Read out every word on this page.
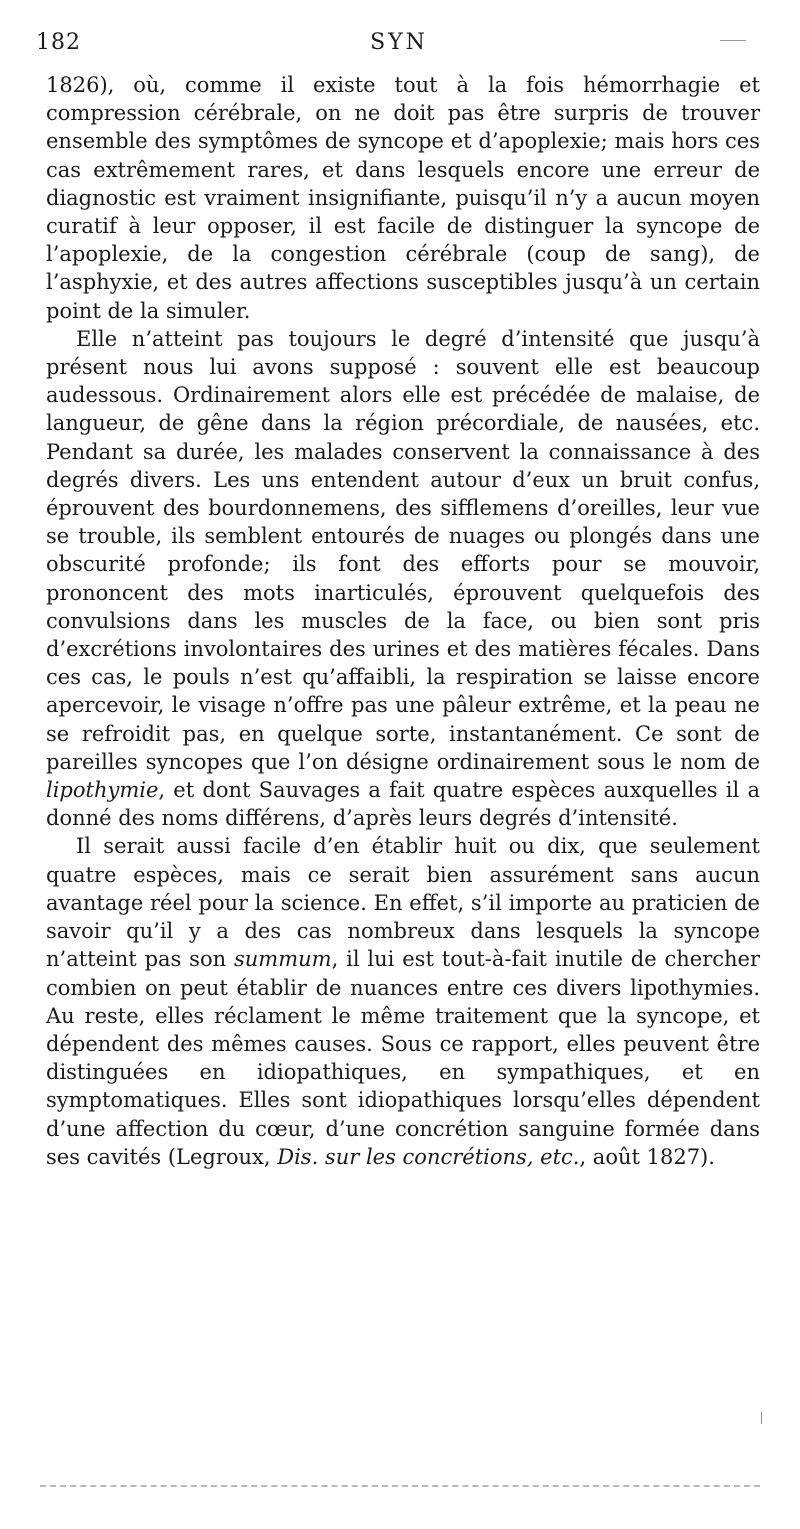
182	SYN

1826), où, comme il existe tout à la fois hémorrhagie et compression cérébrale, on ne doit pas être surpris de trouver ensemble des symptômes de syncope et d’apoplexie; mais hors ces cas extrêmement rares, et dans lesquels encore une erreur de diagnostic est vraiment insignifiante, puisqu’il n’y a aucun moyen curatif à leur opposer, il est facile de distinguer la syncope de l’apoplexie, de la congestion cérébrale (coup de sang), de l’asphyxie, et des autres affections susceptibles jusqu’à un certain point de la simuler.

Elle n’atteint pas toujours le degré d’intensité que jusqu’à présent nous lui avons supposé : souvent elle est beaucoup audessous. Ordinairement alors elle est précédée de malaise, de langueur, de gêne dans la région précordiale, de nausées, etc. Pendant sa durée, les malades conservent la connaissance à des degrés divers. Les uns entendent autour d’eux un bruit confus, éprouvent des bourdonnemens, des sifflemens d’oreilles, leur vue se trouble, ils semblent entourés de nuages ou plongés dans une obscurité profonde; ils font des efforts pour se mouvoir, prononcent des mots inarticulés, éprouvent quelquefois des convulsions dans les muscles de la face, ou bien sont pris d’excrétions involontaires des urines et des matières fécales. Dans ces cas, le pouls n’est qu’affaibli, la respiration se laisse encore apercevoir, le visage n’offre pas une pâleur extrême, et la peau ne se refroidit pas, en quelque sorte, instantanément. Ce sont de pareilles syncopes que l’on désigne ordinairement sous le nom de lipothymie, et dont Sauvages a fait quatre espèces auxquelles il a donné des noms différens, d’après leurs degrés d’intensité.

Il serait aussi facile d’en établir huit ou dix, que seulement quatre espèces, mais ce serait bien assurément sans aucun avantage réel pour la science. En effet, s’il importe au praticien de savoir qu’il y a des cas nombreux dans lesquels la syncope n’atteint pas son summum, il lui est tout-à-fait inutile de chercher combien on peut établir de nuances entre ces divers lipothymies. Au reste, elles réclament le même traitement que la syncope, et dépendent des mêmes causes. Sous ce rapport, elles peuvent être distinguées en idiopathiques, en sympathiques, et en symptomatiques. Elles sont idiopathiques lorsqu’elles dépendent d’une affection du cœur, d’une concrétion sanguine formée dans ses cavités (Legroux, Dis. sur les concrétions, etc., août 1827).
